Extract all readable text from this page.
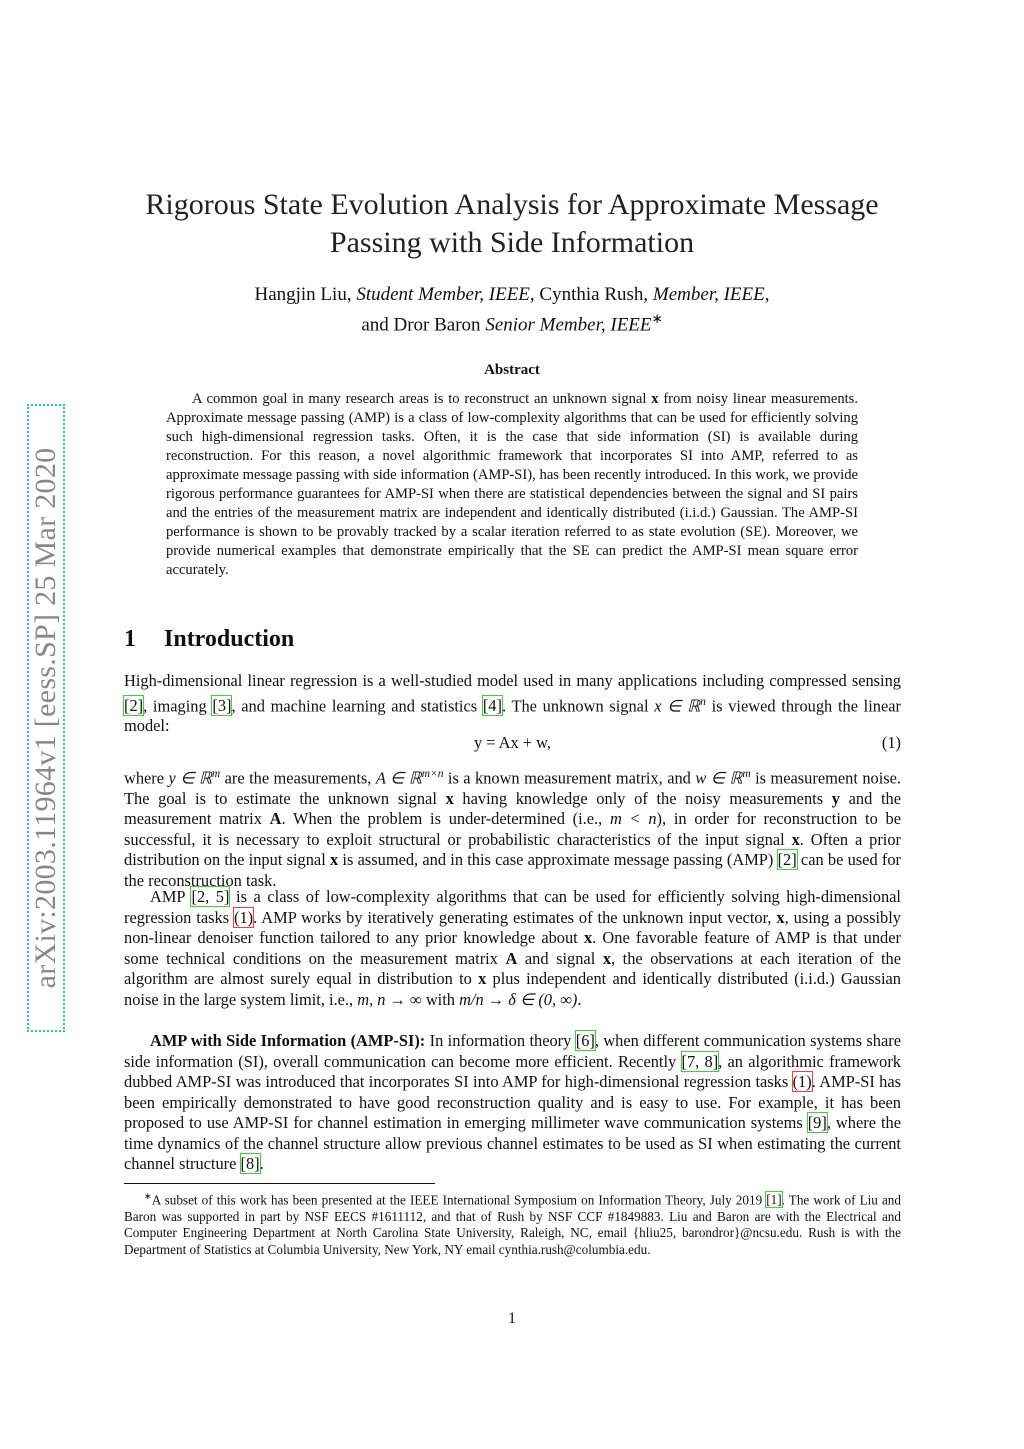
arXiv:2003.11964v1 [eess.SP] 25 Mar 2020
Rigorous State Evolution Analysis for Approximate Message Passing with Side Information
Hangjin Liu, Student Member, IEEE, Cynthia Rush, Member, IEEE,
and Dror Baron Senior Member, IEEE∗
Abstract

A common goal in many research areas is to reconstruct an unknown signal x from noisy linear measurements. Approximate message passing (AMP) is a class of low-complexity algorithms that can be used for efficiently solving such high-dimensional regression tasks. Often, it is the case that side information (SI) is available during reconstruction. For this reason, a novel algorithmic framework that incorporates SI into AMP, referred to as approximate message passing with side information (AMP-SI), has been recently introduced. In this work, we provide rigorous performance guarantees for AMP-SI when there are statistical dependencies between the signal and SI pairs and the entries of the measurement matrix are independent and identically distributed (i.i.d.) Gaussian. The AMP-SI performance is shown to be provably tracked by a scalar iteration referred to as state evolution (SE). Moreover, we provide numerical examples that demonstrate empirically that the SE can predict the AMP-SI mean square error accurately.

1 Introduction

High-dimensional linear regression is a well-studied model used in many applications including compressed sensing [2], imaging [3], and machine learning and statistics [4]. The unknown signal x ∈ ℝ$^n$ is viewed through the linear model:

y = Ax + w,	(1)

where y ∈ ℝ$^m$ are the measurements, A ∈ ℝ$^{m\times n}$ is a known measurement matrix, and w ∈ ℝ$^m$ is measurement noise. The goal is to estimate the unknown signal x having knowledge only of the noisy measurements y and the measurement matrix A. When the problem is under-determined (i.e., m < n), in order for reconstruction to be successful, it is necessary to exploit structural or probabilistic characteristics of the input signal x. Often a prior distribution on the input signal x is assumed, and in this case approximate message passing (AMP) [2] can be used for the reconstruction task.

AMP [2, 5] is a class of low-complexity algorithms that can be used for efficiently solving high-dimensional regression tasks (1). AMP works by iteratively generating estimates of the unknown input vector, x, using a possibly non-linear denoiser function tailored to any prior knowledge about x. One favorable feature of AMP is that under some technical conditions on the measurement matrix A and signal x, the observations at each iteration of the algorithm are almost surely equal in distribution to x plus independent and identically distributed (i.i.d.) Gaussian noise in the large system limit, i.e., m, n → ∞ with m/n → δ ∈ (0, ∞).

AMP with Side Information (AMP-SI): In information theory [6], when different communication systems share side information (SI), overall communication can become more efficient. Recently [7, 8], an algorithmic framework dubbed AMP-SI was introduced that incorporates SI into AMP for high-dimensional regression tasks (1). AMP-SI has been empirically demonstrated to have good reconstruction quality and is easy to use. For example, it has been proposed to use AMP-SI for channel estimation in emerging millimeter wave communication systems [9], where the time dynamics of the channel structure allow previous channel estimates to be used as SI when estimating the current channel structure [8].

∗A subset of this work has been presented at the IEEE International Symposium on Information Theory, July 2019 [1]. The work of Liu and Baron was supported in part by NSF EECS #1611112, and that of Rush by NSF CCF #1849883. Liu and Baron are with the Electrical and Computer Engineering Department at North Carolina State University, Raleigh, NC, email {hliu25, barondror}@ncsu.edu. Rush is with the Department of Statistics at Columbia University, New York, NY email cynthia.rush@columbia.edu.

1
